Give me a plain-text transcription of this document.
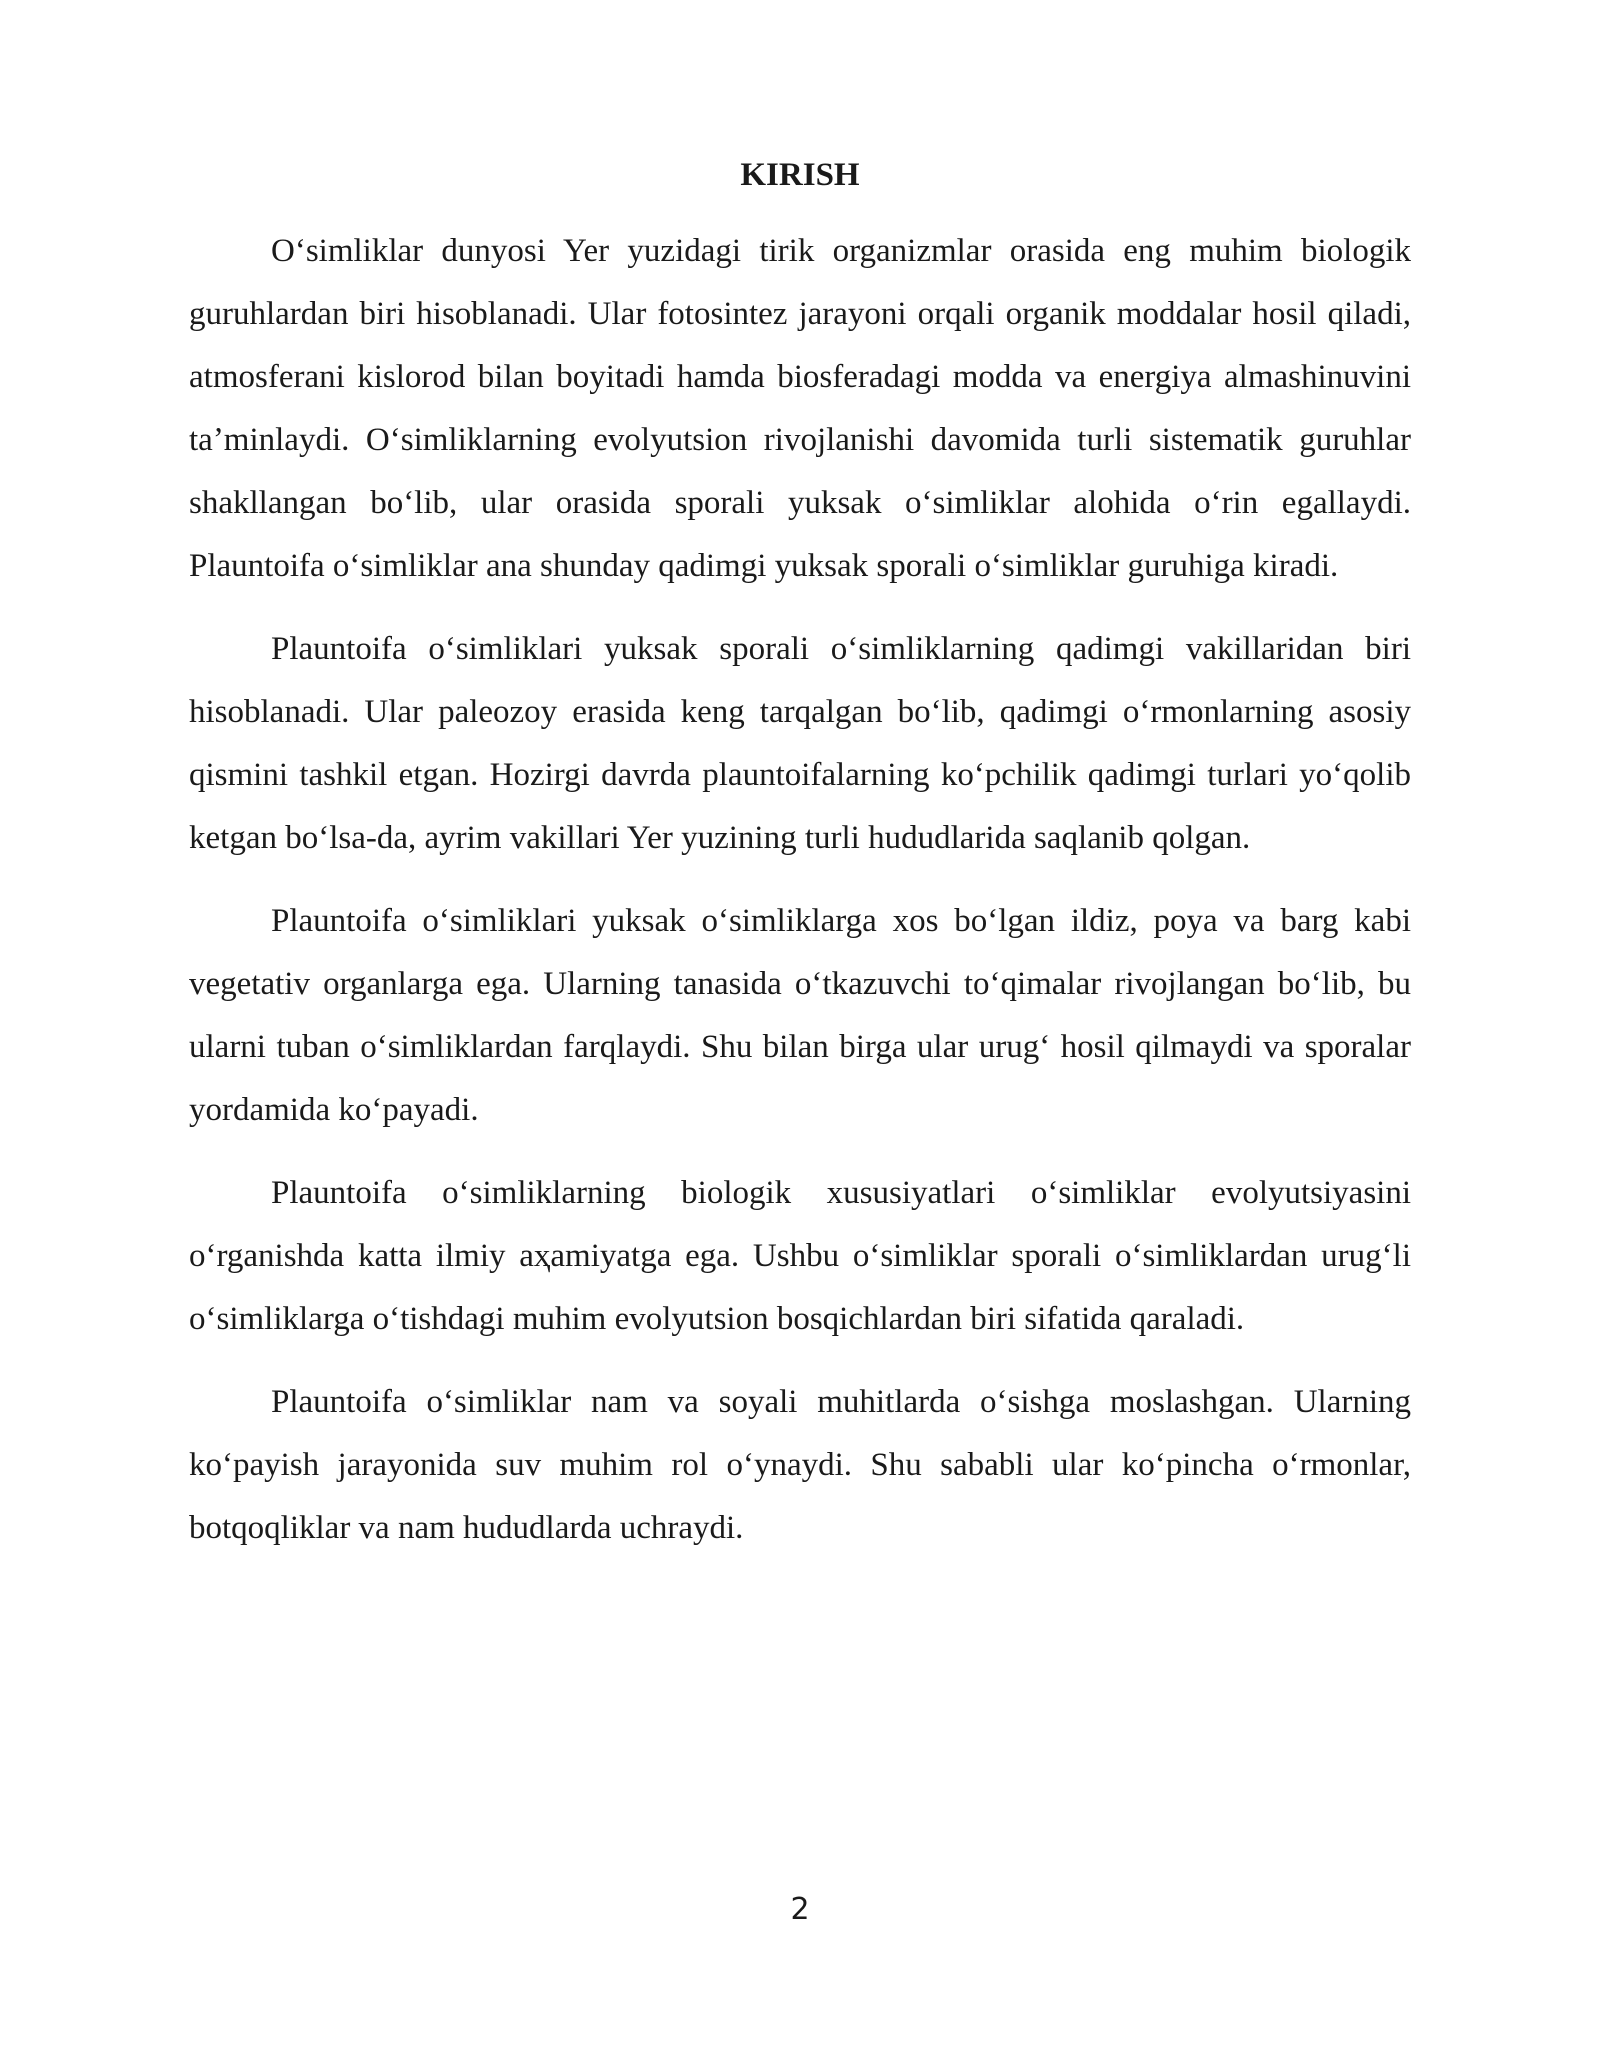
KIRISH

Oʻsimliklar dunyosi Yer yuzidagi tirik organizmlar orasida eng muhim biologik guruhlardan biri hisoblanadi. Ular fotosintez jarayoni orqali organik moddalar hosil qiladi, atmosferani kislorod bilan boyitadi hamda biosferadagi modda va energiya almashinuvini taʼminlaydi. Oʻsimliklarning evolyutsion rivojlanishi davomida turli sistematik guruhlar shakllangan boʻlib, ular orasida sporali yuksak oʻsimliklar alohida oʻrin egallaydi. Plauntoifa oʻsimliklar ana shunday qadimgi yuksak sporali oʻsimliklar guruhiga kiradi.

Plauntoifa oʻsimliklari yuksak sporali oʻsimliklarning qadimgi vakillaridan biri hisoblanadi. Ular paleozoy erasida keng tarqalgan boʻlib, qadimgi oʻrmonlarning asosiy qismini tashkil etgan. Hozirgi davrda plauntoifalarning koʻpchilik qadimgi turlari yoʻqolib ketgan boʻlsa-da, ayrim vakillari Yer yuzining turli hududlarida saqlanib qolgan.

Plauntoifa oʻsimliklari yuksak oʻsimliklarga xos boʻlgan ildiz, poya va barg kabi vegetativ organlarga ega. Ularning tanasida oʻtkazuvchi toʻqimalar rivojlangan boʻlib, bu ularni tuban oʻsimliklardan farqlaydi. Shu bilan birga ular urugʻ hosil qilmaydi va sporalar yordamida koʻpayadi.

Plauntoifa oʻsimliklarning biologik xususiyatlari oʻsimliklar evolyutsiyasini oʻrganishda katta ilmiy aҳamiyatga ega. Ushbu oʻsimliklar sporali oʻsimliklardan urugʻli oʻsimliklarga oʻtishdagi muhim evolyutsion bosqichlardan biri sifatida qaraladi.

Plauntoifa oʻsimliklar nam va soyali muhitlarda oʻsishga moslashgan. Ularning koʻpayish jarayonida suv muhim rol oʻynaydi. Shu sababli ular koʻpincha oʻrmonlar, botqoqliklar va nam hududlarda uchraydi.

2
